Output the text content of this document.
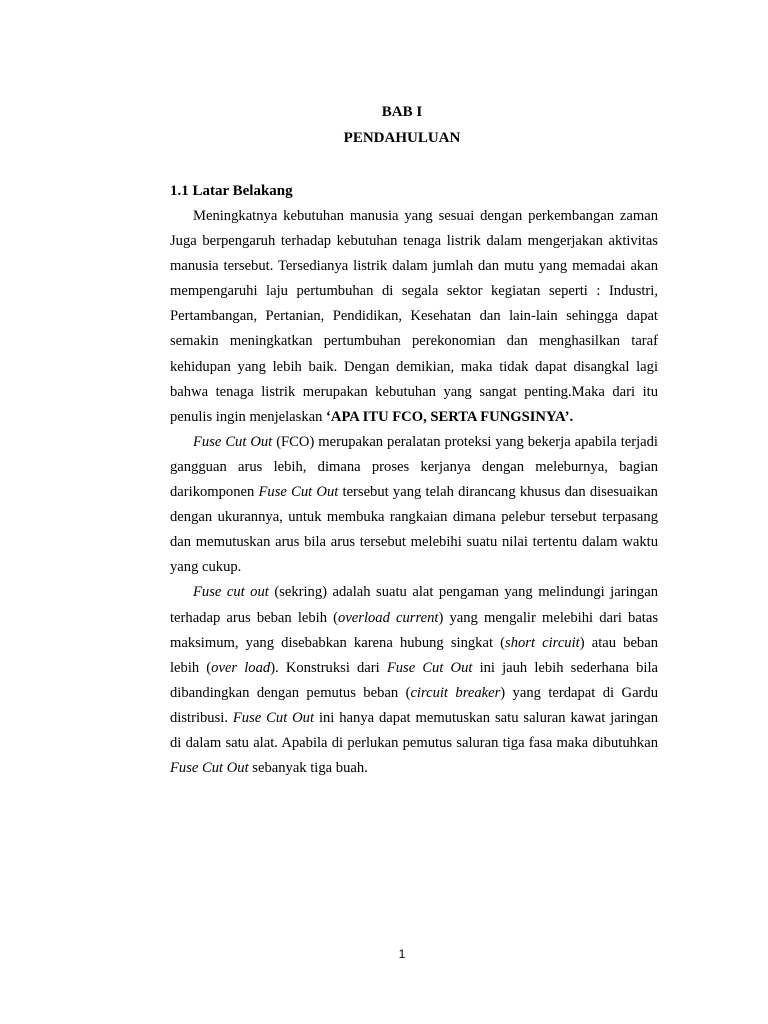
BAB I
PENDAHULUAN
1.1 Latar Belakang

Meningkatnya kebutuhan manusia yang sesuai dengan perkembangan zaman Juga berpengaruh terhadap kebutuhan tenaga listrik dalam mengerjakan aktivitas manusia tersebut. Tersedianya listrik dalam jumlah dan mutu yang memadai akan mempengaruhi laju pertumbuhan di segala sektor kegiatan seperti : Industri, Pertambangan, Pertanian, Pendidikan, Kesehatan dan lain-lain sehingga dapat semakin meningkatkan pertumbuhan perekonomian dan menghasilkan taraf kehidupan yang lebih baik. Dengan demikian, maka tidak dapat disangkal lagi bahwa tenaga listrik merupakan kebutuhan yang sangat penting.Maka dari itu penulis ingin menjelaskan ‘APA ITU FCO, SERTA FUNGSINYA’.

Fuse Cut Out (FCO) merupakan peralatan proteksi yang bekerja apabila terjadi gangguan arus lebih, dimana proses kerjanya dengan meleburnya, bagian darikomponen Fuse Cut Out tersebut yang telah dirancang khusus dan disesuaikan dengan ukurannya, untuk membuka rangkaian dimana pelebur tersebut terpasang dan memutuskan arus bila arus tersebut melebihi suatu nilai tertentu dalam waktu yang cukup.

Fuse cut out (sekring) adalah suatu alat pengaman yang melindungi jaringan terhadap arus beban lebih (overload current) yang mengalir melebihi dari batas maksimum, yang disebabkan karena hubung singkat (short circuit) atau beban lebih (over load). Konstruksi dari Fuse Cut Out ini jauh lebih sederhana bila dibandingkan dengan pemutus beban (circuit breaker) yang terdapat di Gardu distribusi. Fuse Cut Out ini hanya dapat memutuskan satu saluran kawat jaringan di dalam satu alat. Apabila di perlukan pemutus saluran tiga fasa maka dibutuhkan Fuse Cut Out sebanyak tiga buah.

1
